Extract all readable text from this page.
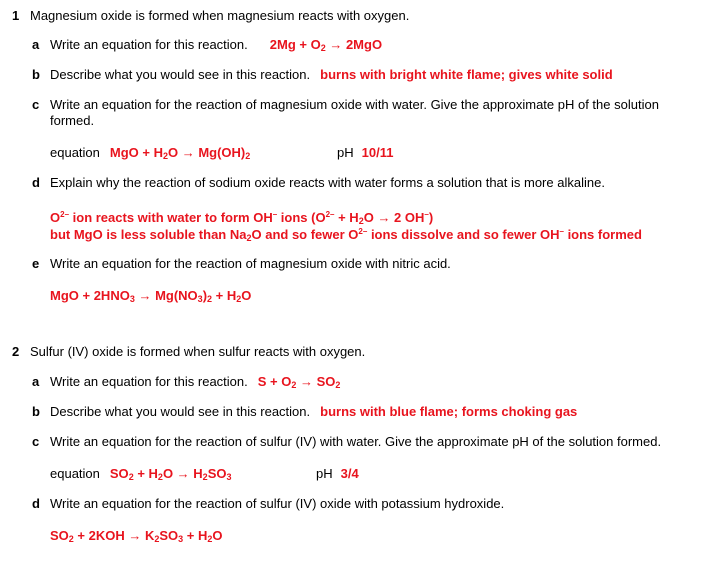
1 Magnesium oxide is formed when magnesium reacts with oxygen.
a Write an equation for this reaction. $2Mg + O_2 \to 2MgO$
b Describe what you would see in this reaction. burns with bright white flame; gives white solid
c Write an equation for the reaction of magnesium oxide with water. Give the approximate pH of the solution
formed.
equation MgO + $H_2O \to Mg(OH)_2$	pH 10/11
d Explain why the reaction of sodium oxide reacts with water forms a solution that is more alkaline.
$O^{2-}$ ion reacts with water to form OH– ions ($O^{2-} + H_2O \to 2$ OH–)
but MgO is less soluble than $Na_2O$ and so fewer $O^{2-}$ ions dissolve and so fewer OH– ions formed
e Write an equation for the reaction of magnesium oxide with nitric acid.
MgO + $2HNO_3 \to Mg(NO_3)_2 + H_2O$
2 Sulfur (IV) oxide is formed when sulfur reacts with oxygen.
a Write an equation for this reaction. $S + O_2 \to SO_2$
b Describe what you would see in this reaction. burns with blue flame; forms choking gas
c Write an equation for the reaction of sulfur (IV) with water. Give the approximate pH of the solution formed.
equation $SO_2 + H_2O \to H_2SO_3$	pH 3/4
d Write an equation for the reaction of sulfur (IV) oxide with potassium hydroxide.
$SO_2 + 2KOH \to K_2SO_3 + H_2O$
